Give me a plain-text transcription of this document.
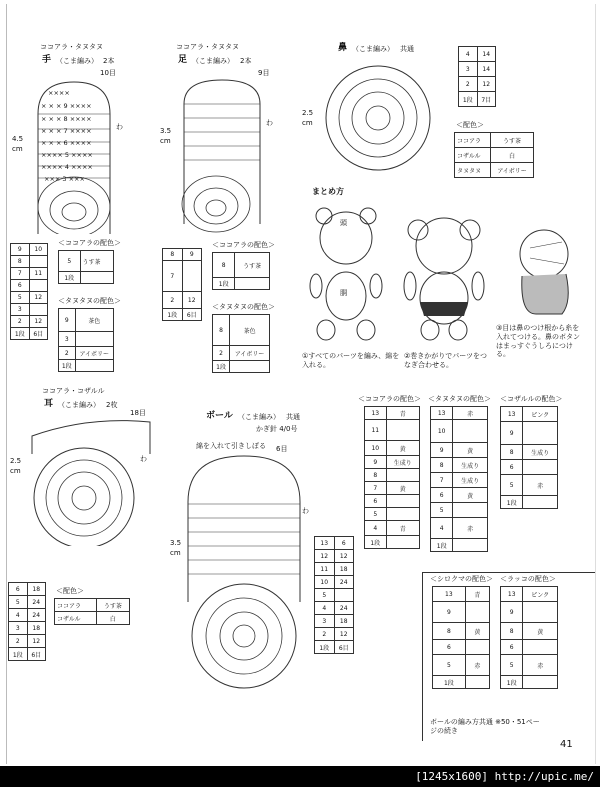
ココアラ・タヌタヌ
手 （こま編み） 2本
10目
4.5
cm
わ
××××
× × × 9 ××××
× × × 8 ××××
× × × 7 ××××
× × × 6 ××××
×××× 5 ××××
×××× 4 ××××
××× 3 ×××
9	10
8	
7	11
6	
5	12
3	
2	12
1段	6目
＜ココアラの配色＞
5	うす茶
1段	
＜タヌタヌの配色＞
9	茶色
3	
2	アイボリー
1段	
ココアラ・タヌタヌ
足 （こま編み） 2本
9目
3.5
cm
わ
8	9
7	
2	12
1段	6目
＜ココアラの配色＞
8	うす茶
1段	
＜タヌタヌの配色＞
8	茶色
2	アイボリー
1段	
鼻 （こま編み） 共通
2.5
cm
4	14
3	14
2	12
1段	7目
＜配色＞
ココアラ	うす茶
コザルル	白
タヌタヌ	アイボリー
まとめ方
頭
胴
①すべてのパーツを編み、綿を入れる。
②巻きかがりでパーツをつなぎ合わせる。
③目は鼻のつけ根から糸を入れてつける。鼻のボタンはまっすぐうしろにつける。
ココアラ・コザルル
耳 （こま編み） 2枚
18目
2.5
cm
わ
6	18
5	24
4	24
3	18
2	12
1段	6目
＜配色＞
ココアラ	うす茶
コザルル	白
ボール （こま編み） 共通
かぎ針 4/0号
綿を入れて引きしぼる 6目
3.5
cm
わ
13	6
12	12
11	18
10	24
5	
4	24
3	18
2	12
1段	6目
＜ココアラの配色＞
13	青
11	
10	黄
9	生成り
8	
7	黄
6	
5	
4	青
1段	
＜タヌタヌの配色＞
13	赤
10	
9	黄
8	生成り
7	生成り
6	黄
5	
4	赤
1段	
＜コザルルの配色＞
13	ピンク
9	
8	生成り
6	
5	赤
1段	
＜シロクマの配色＞
13	青
9	
8	黄
6	
5	赤
1段	
＜ラッコの配色＞
13	ピンク
9	
8	黄
6	
5	赤
1段	
ボールの編み方共通 ※50・51ページの続き
41
[1245x1600] http://upic.me/
